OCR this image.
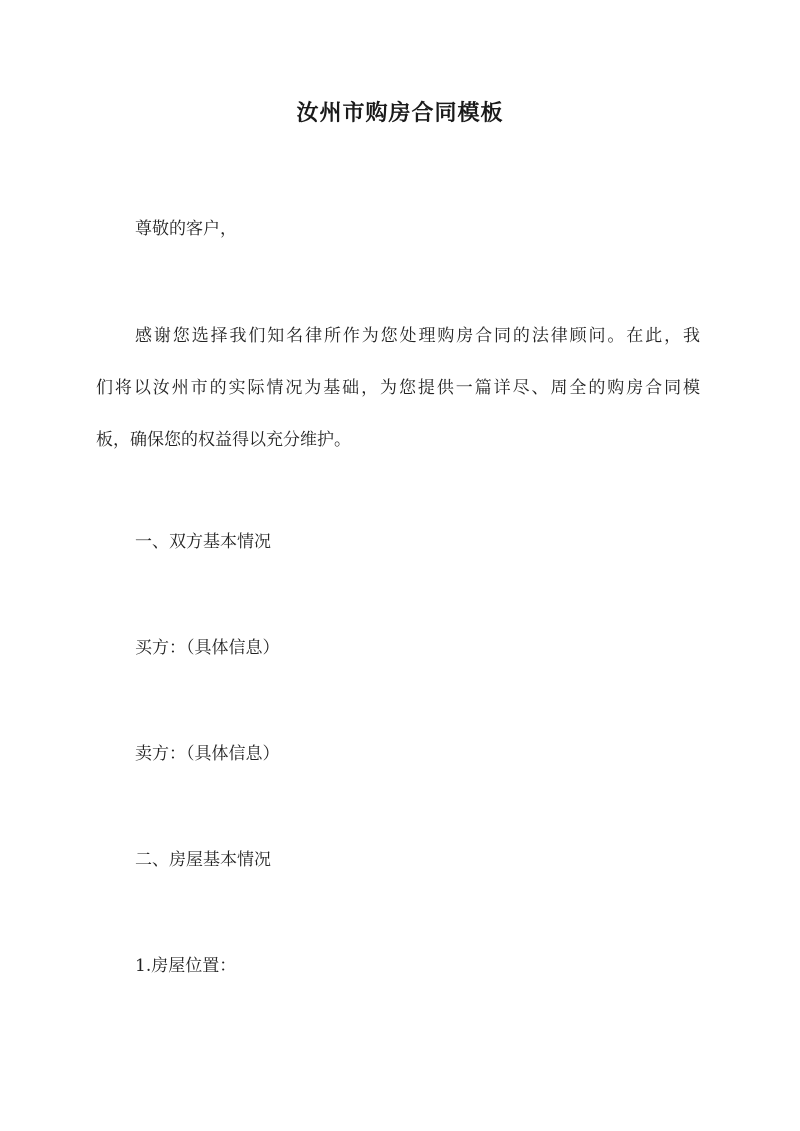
汝州市购房合同模板
尊敬的客户，
感谢您选择我们知名律所作为您处理购房合同的法律顾问。在此，我
们将以汝州市的实际情况为基础，为您提供一篇详尽、周全的购房合同模
板，确保您的权益得以充分维护。
一、双方基本情况
买方：（具体信息）
卖方：（具体信息）
二、房屋基本情况
1.房屋位置：
